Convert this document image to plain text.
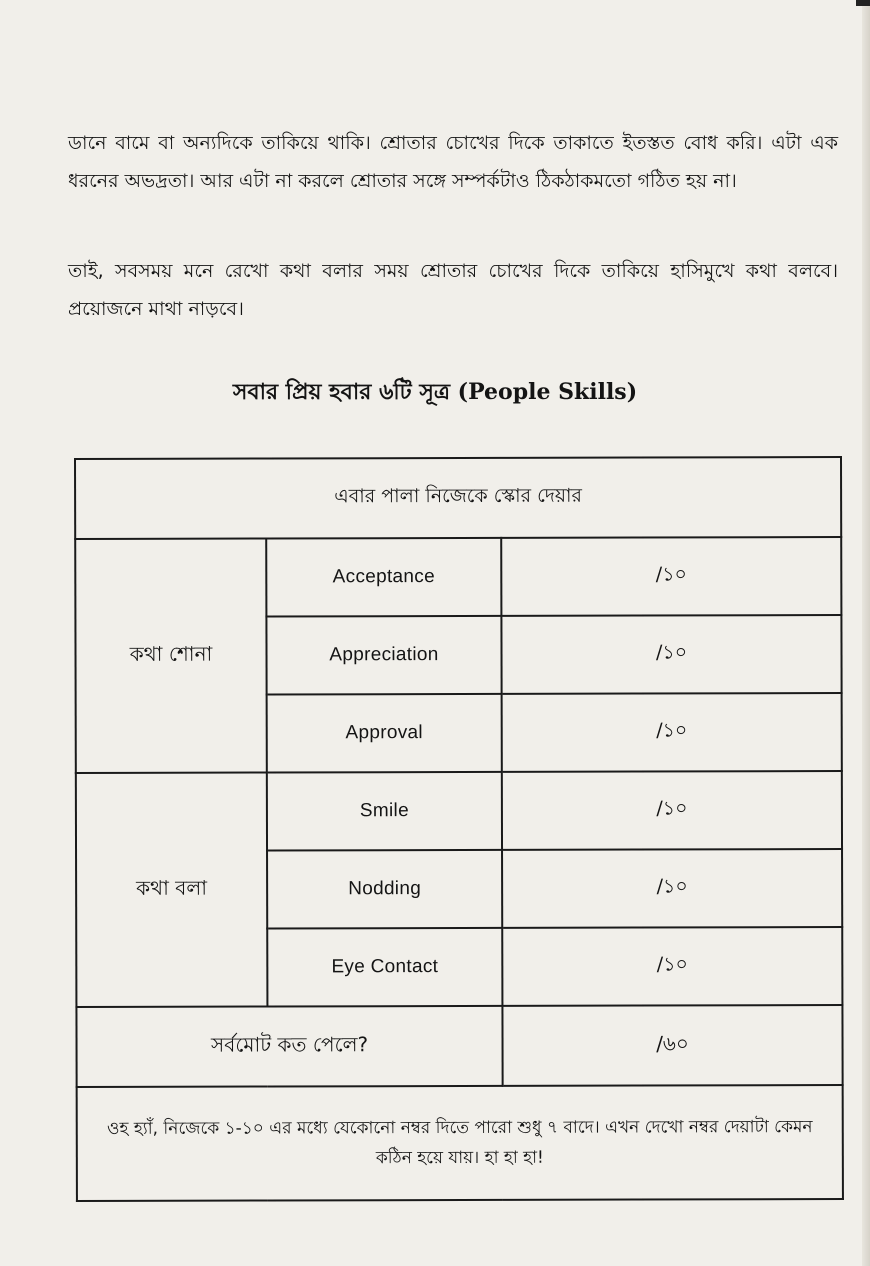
ডানে বামে বা অন্যদিকে তাকিয়ে থাকি। শ্রোতার চোখের দিকে তাকাতে ইতস্তত বোধ করি। এটা এক ধরনের অভদ্রতা। আর এটা না করলে শ্রোতার সঙ্গে সম্পর্কটাও ঠিকঠাকমতো গঠিত হয় না।
তাই, সবসময় মনে রেখো কথা বলার সময় শ্রোতার চোখের দিকে তাকিয়ে হাসিমুখে কথা বলবে। প্রয়োজনে মাথা নাড়বে।
সবার প্রিয় হবার ৬টি সূত্র (People Skills)
এবার পালা নিজেকে স্কোর দেয়ার		
কথা শোনা	Acceptance	/১০
	Appreciation	/১০
	Approval	/১০
কথা বলা	Smile	/১০
	Nodding	/১০
	Eye Contact	/১০
সর্বমোট কত পেলে?		/৬০
ওহ হ্যাঁ, নিজেকে ১-১০ এর মধ্যে যেকোনো নম্বর দিতে পারো শুধু ৭ বাদে। এখন দেখো নম্বর দেয়াটা কেমন কঠিন হয়ে যায়। হা হা হা!		
